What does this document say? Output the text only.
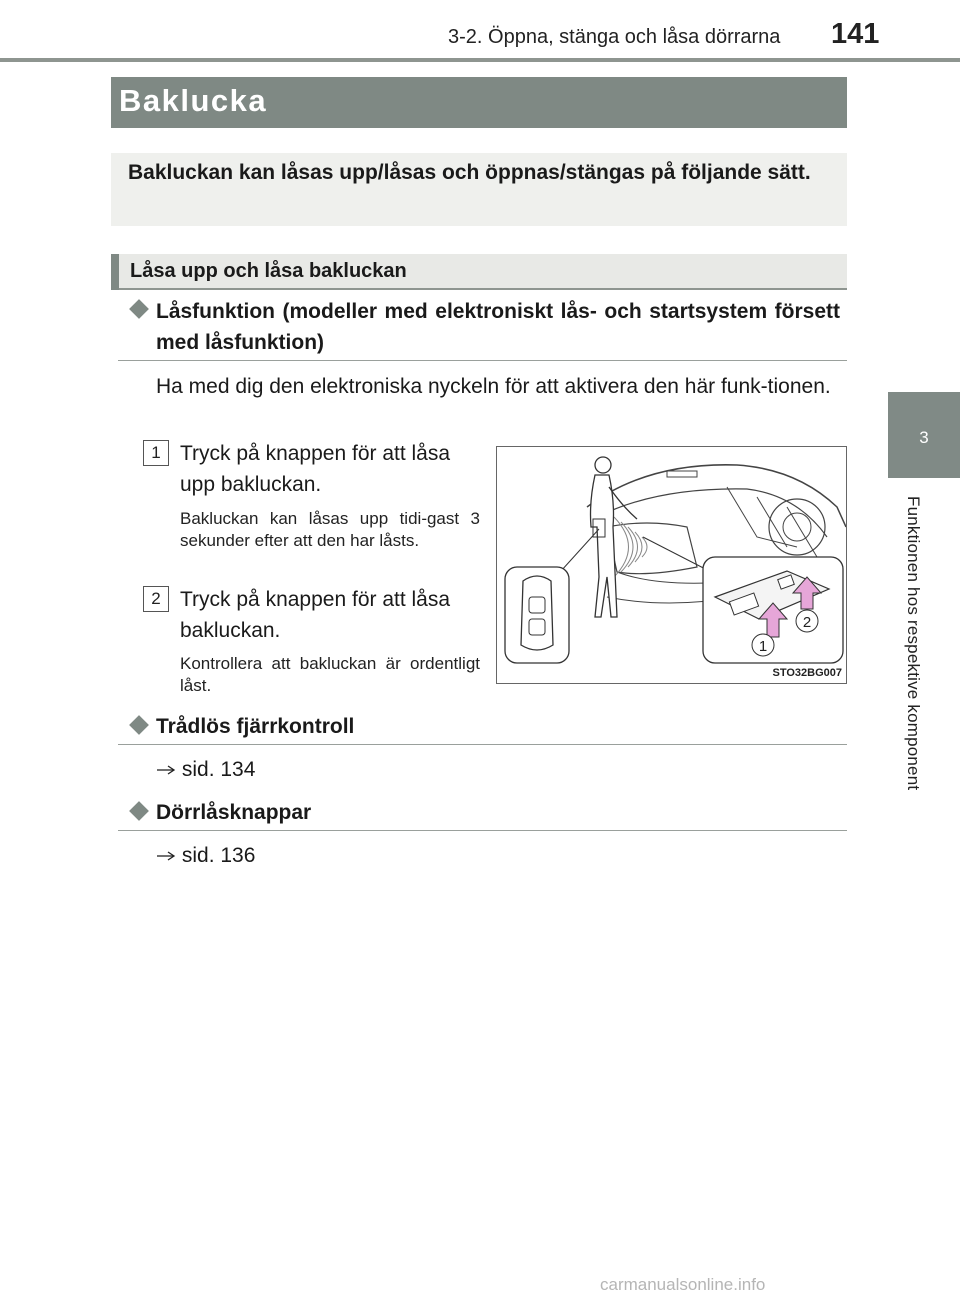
3-2. Öppna, stänga och låsa dörrarna 141
3
Funktionen hos respektive komponent
Baklucka
Bakluckan kan låsas upp/låsas och öppnas/stängas på följande sätt.
Låsa upp och låsa bakluckan
Låsfunktion (modeller med elektroniskt lås- och startsystem försett med låsfunktion)
Ha med dig den elektroniska nyckeln för att aktivera den här funk-tionen.
1 Tryck på knappen för att låsa upp bakluckan.
Bakluckan kan låsas upp tidi-gast 3 sekunder efter att den har låsts.
2 Tryck på knappen för att låsa bakluckan.
Kontrollera att bakluckan är ordentligt låst.
1
2
STO32BG007
Trådlös fjärrkontroll
sid. 134
Dörrlåsknappar
sid. 136
carmanualsonline.info
